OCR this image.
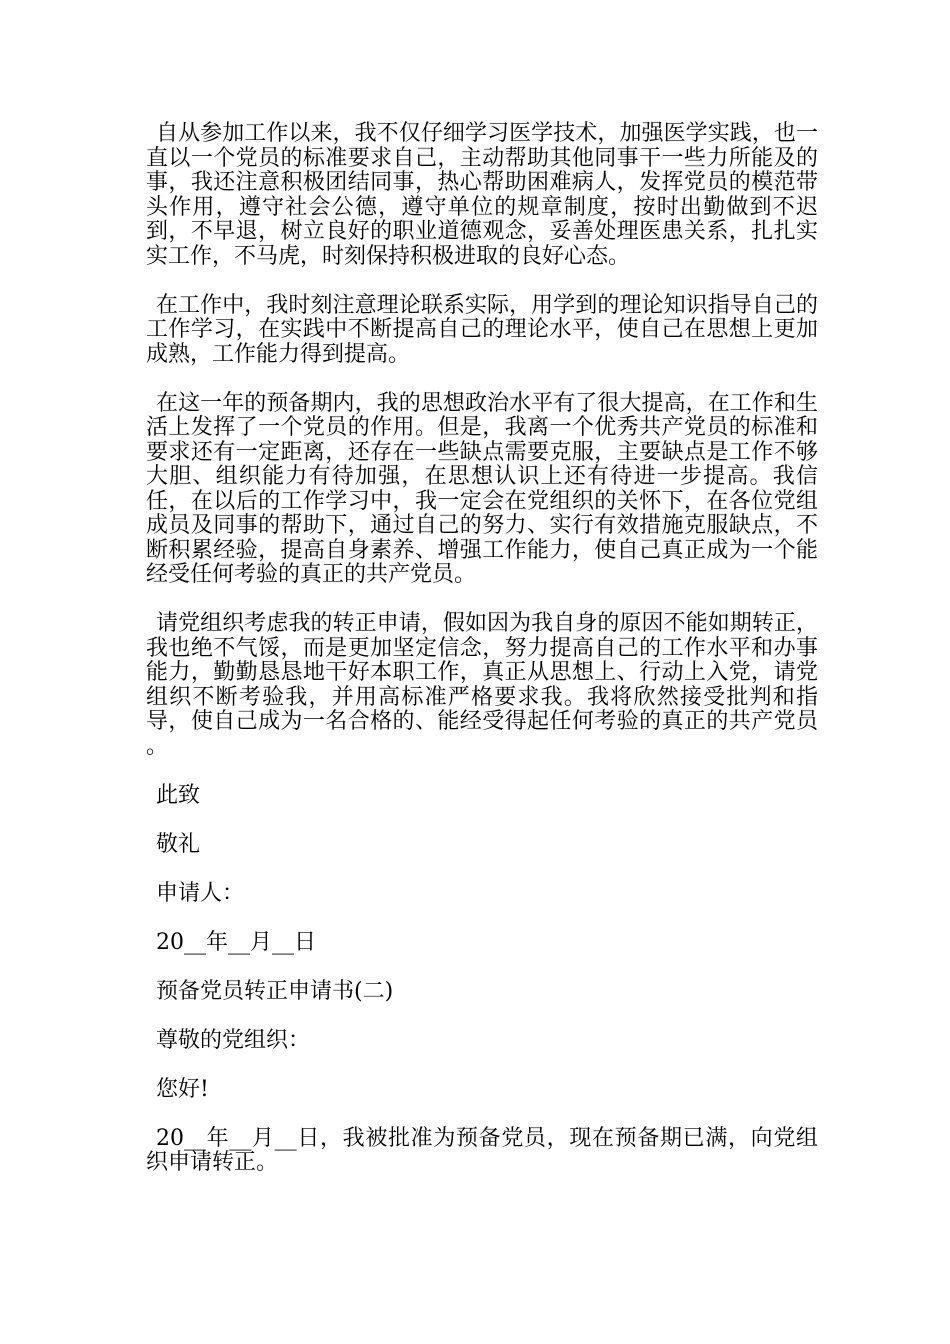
自从参加工作以来，我不仅仔细学习医学技术，加强医学实践，也一直以一个党员的标准要求自己，主动帮助其他同事干一些力所能及的事，我还注意积极团结同事，热心帮助困难病人，发挥党员的模范带头作用，遵守社会公德，遵守单位的规章制度，按时出勤做到不迟到，不早退，树立良好的职业道德观念，妥善处理医患关系，扎扎实实工作，不马虎，时刻保持积极进取的良好心态。

在工作中，我时刻注意理论联系实际，用学到的理论知识指导自己的工作学习，在实践中不断提高自己的理论水平，使自己在思想上更加成熟，工作能力得到提高。

在这一年的预备期内，我的思想政治水平有了很大提高，在工作和生活上发挥了一个党员的作用。但是，我离一个优秀共产党员的标准和要求还有一定距离，还存在一些缺点需要克服，主要缺点是工作不够大胆、组织能力有待加强，在思想认识上还有待进一步提高。我信任，在以后的工作学习中，我一定会在党组织的关怀下，在各位党组成员及同事的帮助下，通过自己的努力、实行有效措施克服缺点，不断积累经验，提高自身素养、增强工作能力，使自己真正成为一个能经受任何考验的真正的共产党员。

请党组织考虑我的转正申请，假如因为我自身的原因不能如期转正，我也绝不气馁，而是更加坚定信念，努力提高自己的工作水平和办事能力，勤勤恳恳地干好本职工作，真正从思想上、行动上入党，请党组织不断考验我，并用高标准严格要求我。我将欣然接受批判和指导，使自己成为一名合格的、能经受得起任何考验的真正的共产党员 。

此致

敬礼

申请人：

20__年__月__日

预备党员转正申请书(二)

尊敬的党组织：

您好!

20__年__月__日，我被批准为预备党员，现在预备期已满，向党组织申请转正。
